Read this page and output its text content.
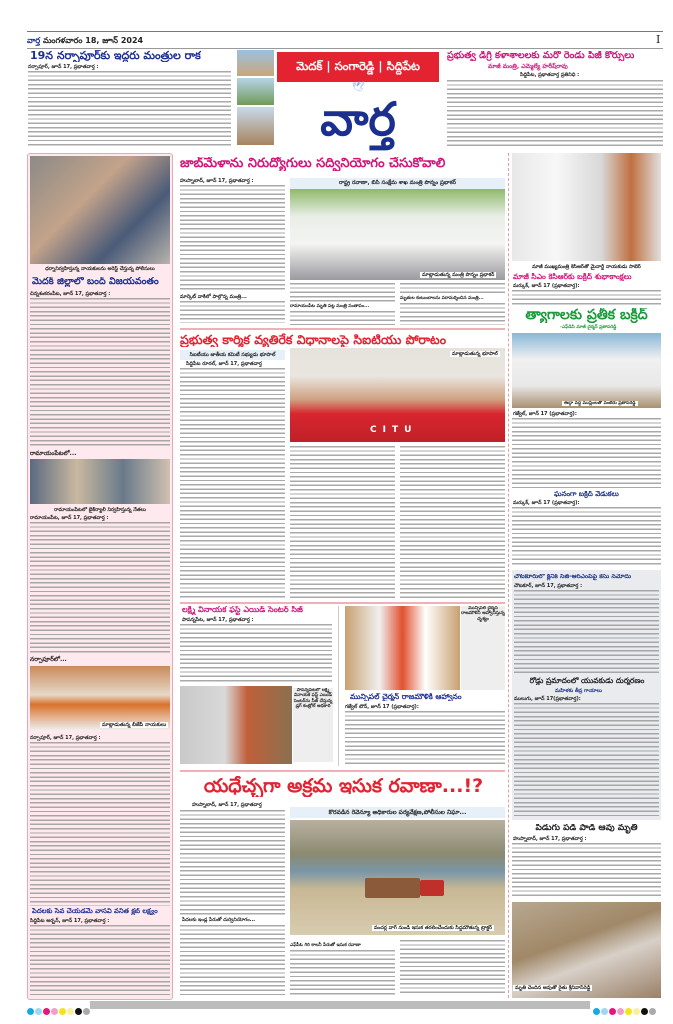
వార్త మంగళవారం 18, జూన్ 2024	I
19న నర్సాపూర్‌కు ఇద్దరు మంత్రుల రాక
నర్సాపూర్, జూన్ 17, ప్రభాతవార్త :	మెదక్ | సంగారెడ్డి | సిద్దిపేట
🕊
వార్త
ప్రభుత్వ డిగ్రీ కళాశాలలకు మరో రెండు పీజీ కోర్సులు
మాజీ మంత్రి, ఎమ్మెల్యే హరీష్‌రావు
సిద్దిపేట, ప్రభాతవార్త ప్రతినిధి :
ధర్నానిర్వహిస్తున్న నాయకులను అరెస్ట్ చేస్తున్న పోలీసులు
మెదక్ జిల్లాలో బంద్ విజయవంతం
చిన్నశంకరంపేట, జూన్ 17, ప్రభాతవార్త :
రామాయంపేటలో...
రామాయంపేటలో బైక్‌ర్యాలీ నిర్వహిస్తున్న నేతలు
రామాయంపేట, జూన్ 17, ప్రభాతవార్త :
నర్సాపూర్‌లో...
మాట్లాడుతున్న బీజేపీ నాయకులు
నర్సాపూర్, జూన్ 17, ప్రభాతవార్త :
పేదలకు సేవ చేయడమే వాసవి వనిత క్లబ్ లక్ష్యం
సిద్దిపేట అర్బన్, జూన్ 17, ప్రభాతవార్త :
జాబ్‌మేళాను నిరుద్యోగులు సద్వినియోగం చేసుకోవాలి
హుస్నాబాద్, జూన్ 17, ప్రభాతవార్త :
మార్కెట్ వాకిలో పాల్గొన్న మంత్రి...
రాష్ట్ర రవాణా, బిసి సంక్షేమ శాఖ మంత్రి పొన్నం ప్రభాకర్
మాట్లాడుతున్న మంత్రి పొన్నం ప్రభాకర్
రామాయంపేట మృతి పట్ల మంత్రి సంతాపం...
మృతుల కుటుంబాలను పరామర్శించిన మంత్రి...
ప్రభుత్వ కార్మిక వ్యతిరేక విధానాలపై సిఐటియు పోరాటం
సిఐటీయు జాతీయ కమిటీ సభ్యుడు భూపాల్
సిద్దిపేట రూరల్, జూన్ 17, ప్రభాతవార్త
CITU
మాట్లాడుతున్న భూపాల్
లక్ష్మీ వినాయక ఫస్ట్ ఎయిడ్ సెంటర్ సీజ్
పాపన్నపేట, జూన్ 17, ప్రభాతవార్త :
పాపన్నపేటలో లక్ష్మీ వినాయక ఫస్ట్ ఎయిడ్ సెంటర్‌ను సీజ్ చేస్తున్న డ్రగ్ కంట్రోల్ అధికారి
మున్సిపల్ చైర్మన్ రాజమౌళిని ఆహ్వానిస్తున్న దృశ్యం
మున్సిపల్ చైర్మన్ రాజమౌళికి ఆహ్వానం
గజ్వేల్ టౌన్, జూన్ 17 (ప్రభాతవార్త):
యధేచ్ఛగా అక్రమ ఇసుక రవాణా...!?
హుస్నాబాద్, జూన్ 17, ప్రభాతవార్త
పేదలకు ఇండ్ల పేరుతో దుర్వినియోగం...
కొరవడిన రెవెన్యూ అధికారుల పర్యవేక్షణ,పోలీసుల నిఘా...
వంచర్ల వాగ్ నుండి ఇసుక తరలించేందుకు సిద్ధమౌతున్న ట్రాక్టర్
ఎఫ్‌పీఓ గిరి కాలనీ పేరుతో ఇసుక రవాణా
మాజీ ముఖ్యమంత్రి కెసిఆర్‌తో మైనార్టీ నాయకుడు సాబెర్
మాజీ సీఎం కెసిఆర్‌కు బక్రీద్ శుభాకాంక్షలు
మర్కుక్, జూన్ 17 (ప్రభాతవార్త):
త్యాగాలకు ప్రతీక బక్రీద్
-ఎఫ్‌డిసి మాజీ చైర్మన్ ప్రతాపరెడ్డి
ఈద్గా వద్ద ముస్లింలతో వంటేరు ప్రతాపరెడ్డి
గజ్వేల్, జూన్ 17 (ప్రభాతవార్త):
ఘనంగా బక్రీద్ వేడుకలు
మర్కుక్, జూన్ 17 (ప్రభాతవార్త):
చౌటకూరులో క్లినిక్ సీజ్-ఆర్‌ఎంపిపై కేసు నమోదు
చౌటకూర్, జూన్ 17, ప్రభాతవార్త :
రోడ్డు ప్రమాదంలో యువకుడు దుర్మరణం
మహిళకు తీవ్ర గాయాలు
ములుగు, జూన్ 17(ప్రభాతవార్త):
పిడుగు పడి పాడి ఆవు మృతి
హుస్నాబాద్, జూన్ 17, ప్రభాతవార్త :
మృతి చెందిన ఆవుతో రైతు శ్రీనివాస్‌రెడ్డి
